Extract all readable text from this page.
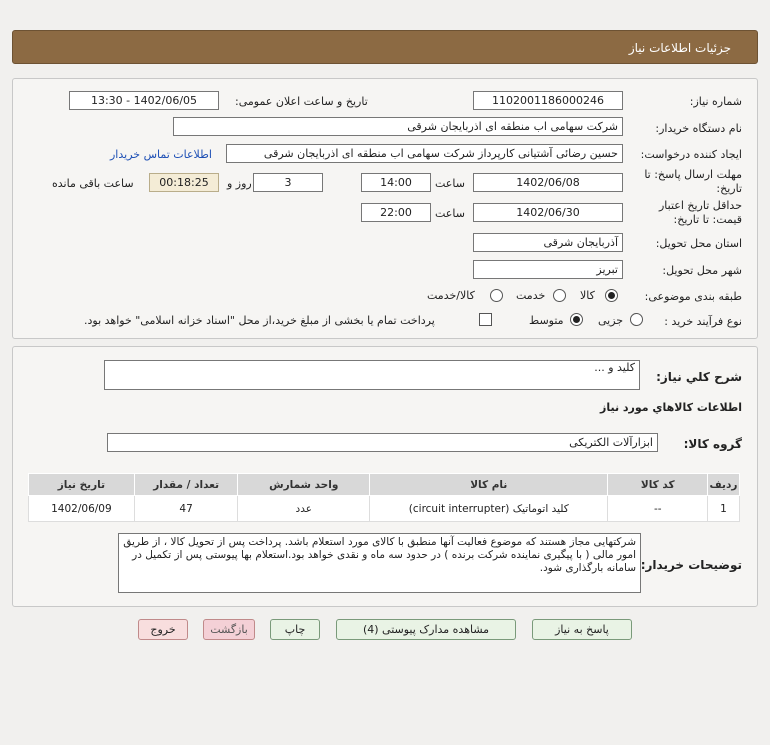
جزئیات اطلاعات نیاز
شماره نیاز:
1102001186000246
تاریخ و ساعت اعلان عمومی:
1402/06/05 - 13:30
نام دستگاه خریدار:
شرکت سهامی اب منطقه ای اذربایجان شرقی
ایجاد کننده درخواست:
حسین رضائی آشتیانی کارپرداز شرکت سهامی اب منطقه ای اذربایجان شرقی
اطلاعات تماس خریدار
مهلت ارسال پاسخ: تا تاریخ:
1402/06/08
ساعت
14:00
3
روز و
00:18:25
ساعت باقی مانده
حداقل تاریخ اعتبار قیمت: تا تاریخ:
1402/06/30
ساعت
22:00
استان محل تحویل:
آذربایجان شرقی
شهر محل تحویل:
تبریز
طبقه بندی موضوعی:
کالا
خدمت
کالا/خدمت
نوع فرآیند خرید :
جزیی
متوسط
پرداخت تمام یا بخشی از مبلغ خرید،از محل "اسناد خزانه اسلامی" خواهد بود.
شرح كلي نياز:
کلید و ...
اطلاعات كالاهاي مورد نياز
گروه کالا:
ابزارآلات الکتریکی
ردیف	کد کالا	نام کالا	واحد شمارش	تعداد / مقدار	تاریخ نیاز
1	--	کلید اتوماتیک (circuit interrupter)	عدد	47	1402/06/09
توضیحات خریدار:
شرکتهایی مجاز هستند که موضوع فعالیت آنها منطبق با کالای مورد استعلام باشد. پرداخت پس از تحویل کالا ، از طریق امور مالی ( با پیگیری نماینده شرکت برنده ) در حدود سه ماه و نقدی خواهد بود.استعلام بها پیوستی پس از تکمیل در سامانه بارگذاری شود.
پاسخ به نیاز
مشاهده مدارک پیوستی (4)
چاپ
بازگشت
خروج
